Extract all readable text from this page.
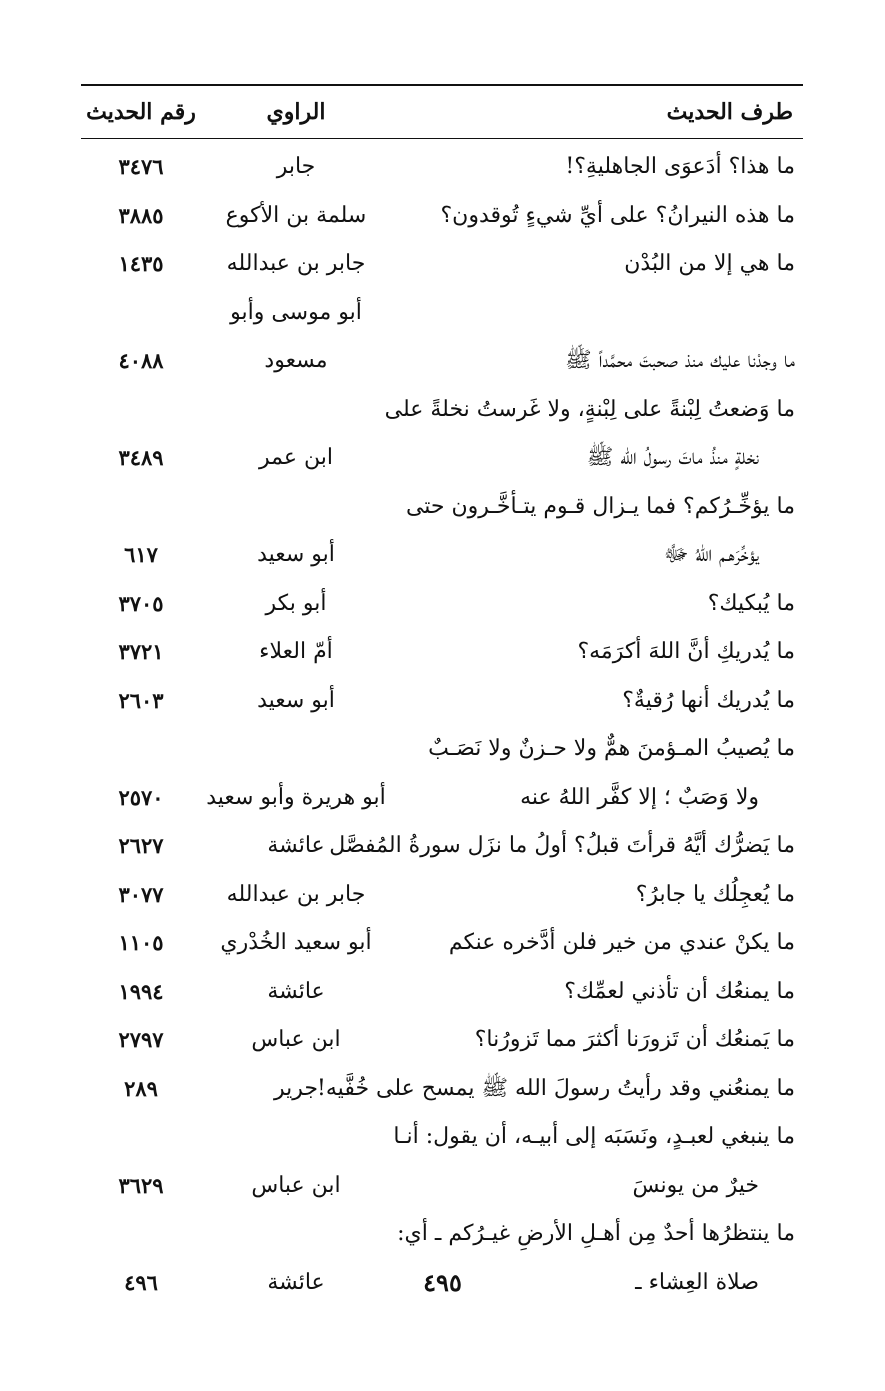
طرف الحديث
الراوي
رقم الحديث
ما هذا؟ أدَعوَى الجاهليةِ؟!
جابر
٣٤٧٦
ما هذه النيرانُ؟ على أيِّ شيءٍ تُوقدون؟
سلمة بن الأكوع
٣٨٨٥
ما هي إلا من البُدْن
جابر بن عبدالله
١٤٣٥
ما وجدْنا عليك منذ صحبتَ محمَّداً ﷺ
أبو موسى وأبو مسعود
٤٠٨٨
ما وَضعتُ لِبْنةً على لِبْنةٍ، ولا غَرستُ نخلةً على
نخلةٍ منذُ ماتَ رسولُ الله ﷺ
ابن عمر
٣٤٨٩
ما يؤخِّـرُكم؟ فما يـزال قـوم يتـأخَّـرون حتى
يؤخِّرَهـم اللهُ ﷻ
أبو سعيد
٦١٧
ما يُبكيك؟
أبو بكر
٣٧٠٥
ما يُدريكِ أنَّ اللهَ أكرَمَه؟
أمّ العلاء
٣٧٢١
ما يُدريك أنها رُقيةٌ؟
أبو سعيد
٢٦٠٣
ما يُصيبُ المـؤمنَ همٌّ ولا حـزنٌ ولا نَصَـبٌ
ولا وَصَبٌ ؛ إلا كفَّر اللهُ عنه
أبو هريرة وأبو سعيد
٢٥٧٠
ما يَضرُّك أيَّهُ قرأتَ قبلُ؟ أولُ ما نزَل سورةُ المُفصَّل
عائشة
٢٦٢٧
ما يُعجِلُك يا جابرُ؟
جابر بن عبدالله
٣٠٧٧
ما يكنْ عندي من خير فلن أدَّخره عنكم
أبو سعيد الخُدْري
١١٠٥
ما يمنعُك أن تأذني لعمِّك؟
عائشة
١٩٩٤
ما يَمنعُك أن تَزورَنا أكثرَ مما تَزورُنا؟
ابن عباس
٢٧٩٧
ما يمنعُني وقد رأيتُ رسولَ الله ﷺ يمسح على خُفَّيه!
جرير
٢٨٩
ما ينبغي لعبـدٍ، ونَسَبَه إلى أبيـه، أن يقول: أنـا
خيرٌ من يونسَ
ابن عباس
٣٦٢٩
ما ينتظرُها أحدٌ مِن أهـلِ الأرضِ غيـرُكم ـ أي:
صلاة العِشاء ـ
عائشة
٤٩٦	٤٩٥
